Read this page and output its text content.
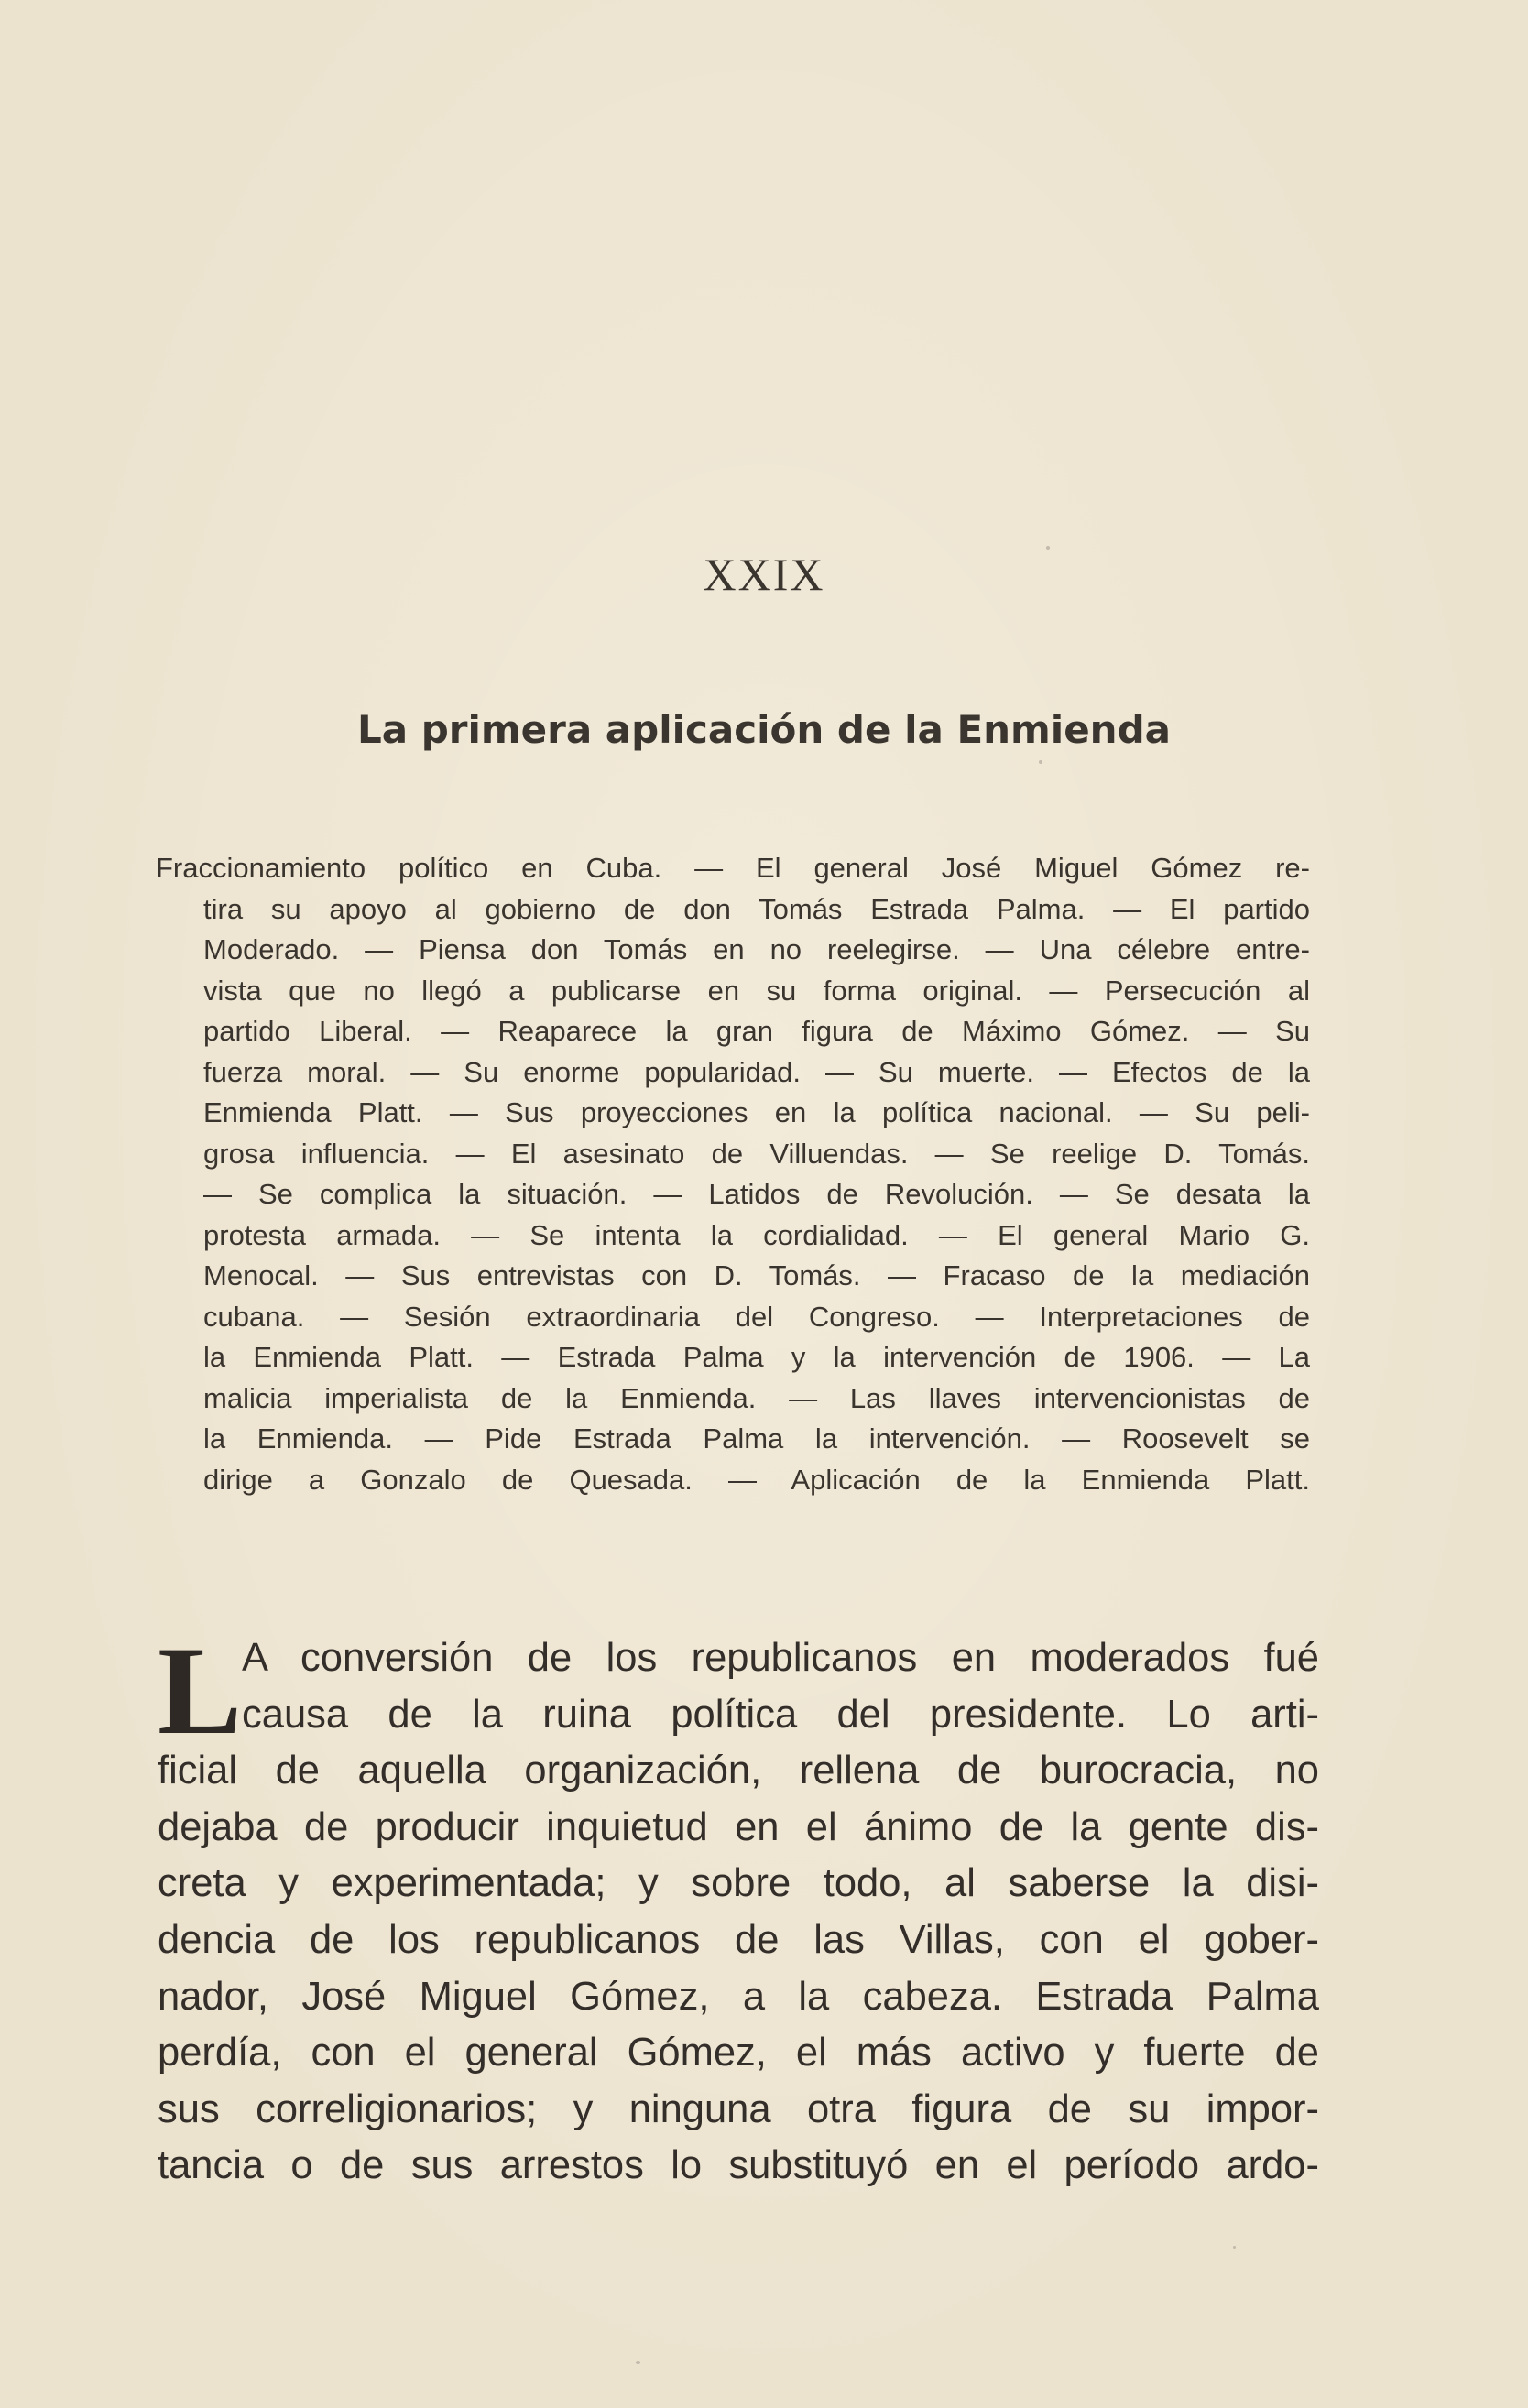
XXIX
La primera aplicación de la Enmienda

Fraccionamiento político en Cuba. — El general José Miguel Gómez re-
tira su apoyo al gobierno de don Tomás Estrada Palma. — El partido
Moderado. — Piensa don Tomás en no reelegirse. — Una célebre entre-
vista que no llegó a publicarse en su forma original. — Persecución al
partido Liberal. — Reaparece la gran figura de Máximo Gómez. — Su
fuerza moral. — Su enorme popularidad. — Su muerte. — Efectos de la
Enmienda Platt. — Sus proyecciones en la política nacional. — Su peli-
grosa influencia. — El asesinato de Villuendas. — Se reelige D. Tomás.
— Se complica la situación. — Latidos de Revolución. — Se desata la
protesta armada. — Se intenta la cordialidad. — El general Mario G.
Menocal. — Sus entrevistas con D. Tomás. — Fracaso de la mediación
cubana. — Sesión extraordinaria del Congreso. — Interpretaciones de
la Enmienda Platt. — Estrada Palma y la intervención de 1906. — La
malicia imperialista de la Enmienda. — Las llaves intervencionistas de
la Enmienda. — Pide Estrada Palma la intervención. — Roosevelt se
dirige a Gonzalo de Quesada. — Aplicación de la Enmienda Platt.

L A conversión de los republicanos en moderados fué
causa de la ruina política del presidente. Lo arti-
ficial de aquella organización, rellena de burocracia, no
dejaba de producir inquietud en el ánimo de la gente dis-
creta y experimentada; y sobre todo, al saberse la disi-
dencia de los republicanos de las Villas, con el gober-
nador, José Miguel Gómez, a la cabeza. Estrada Palma
perdía, con el general Gómez, el más activo y fuerte de
sus correligionarios; y ninguna otra figura de su impor-
tancia o de sus arrestos lo substituyó en el período ardo-
